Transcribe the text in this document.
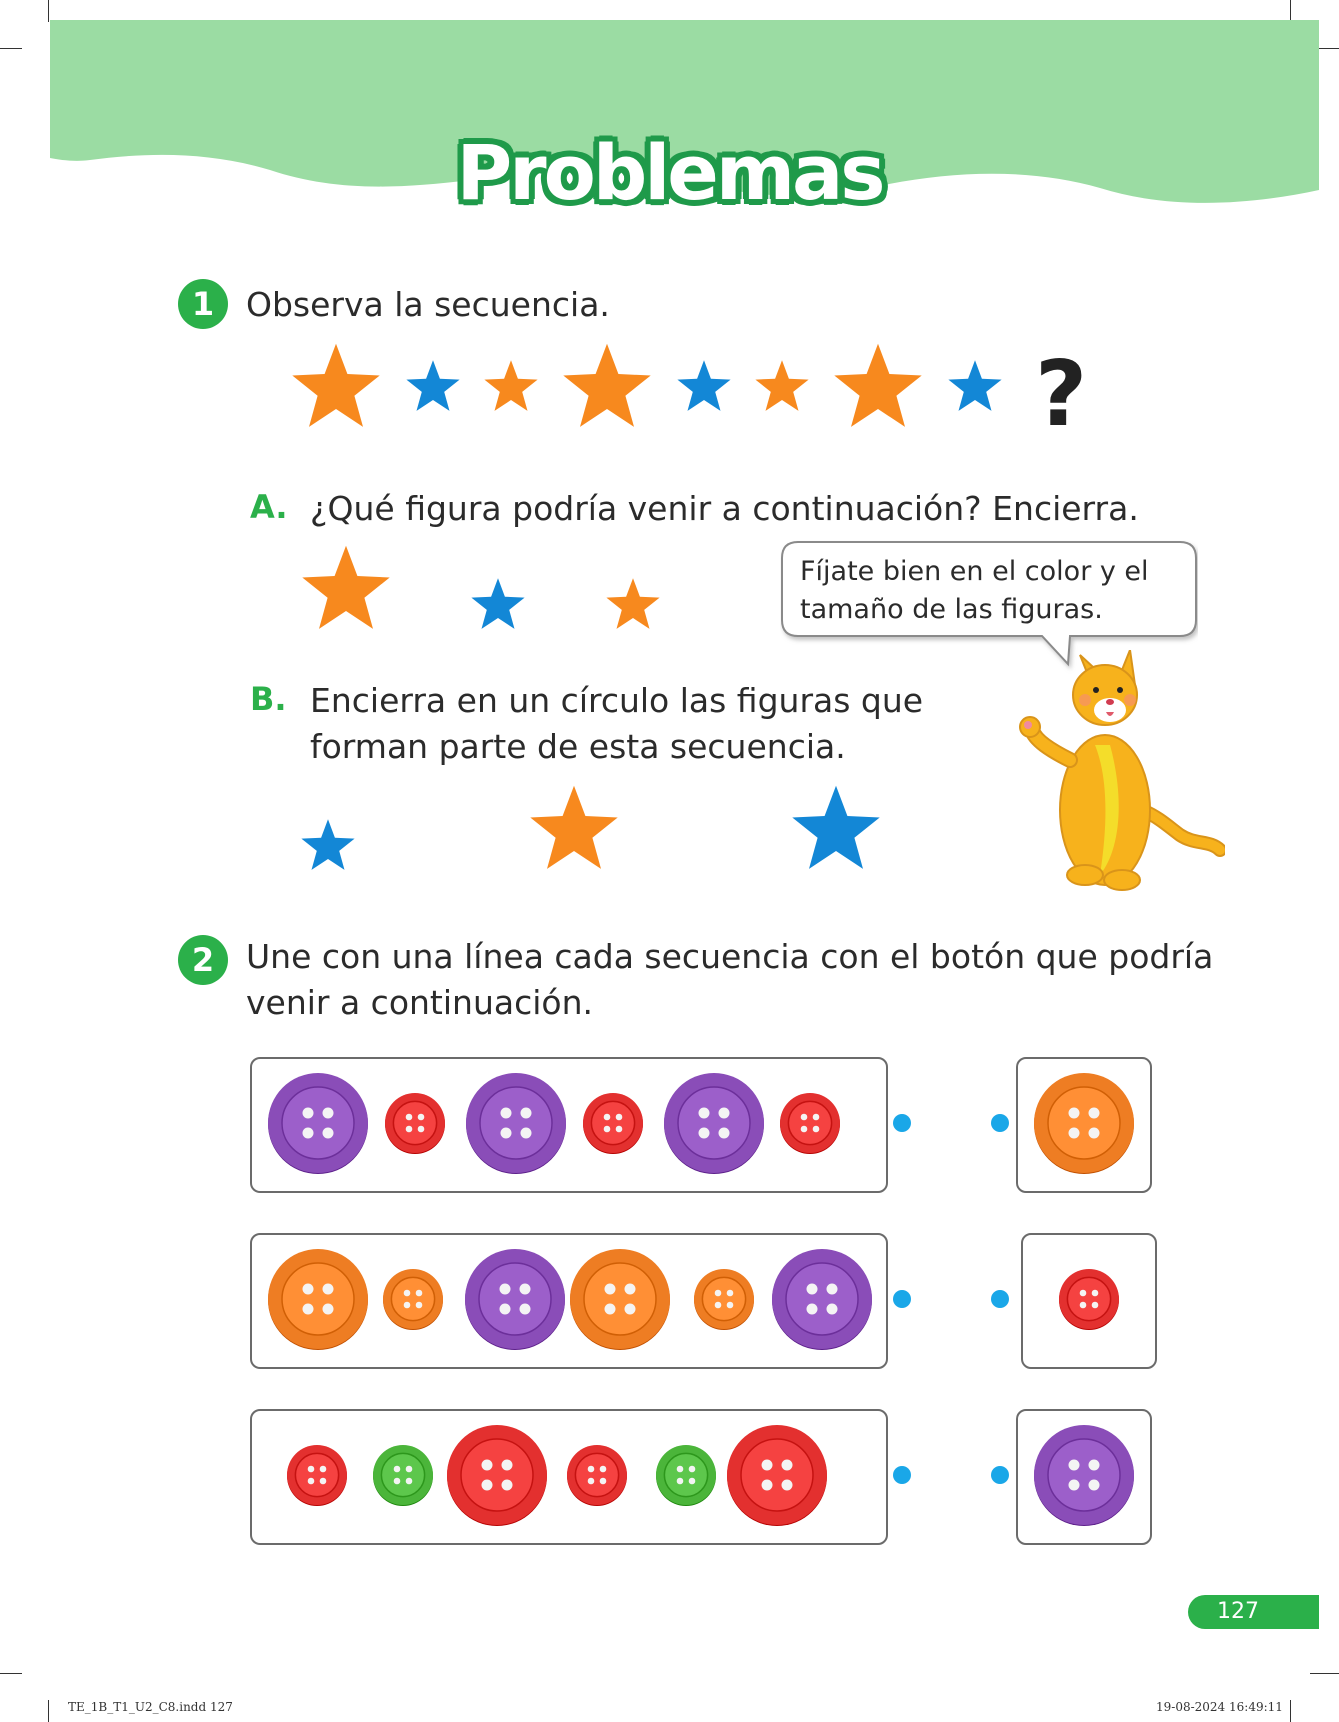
Problemas
1 Observa la secuencia.
?
A. ¿Qué figura podría venir a continuación? Encierra.
Fíjate bien en el color y el
tamaño de las figuras.
B. Encierra en un círculo las figuras que
forman parte de esta secuencia.
2 Une con una línea cada secuencia con el botón que podría
venir a continuación.
127
TE_1B_T1_U2_C8.indd 127	19-08-2024 16:49:11
